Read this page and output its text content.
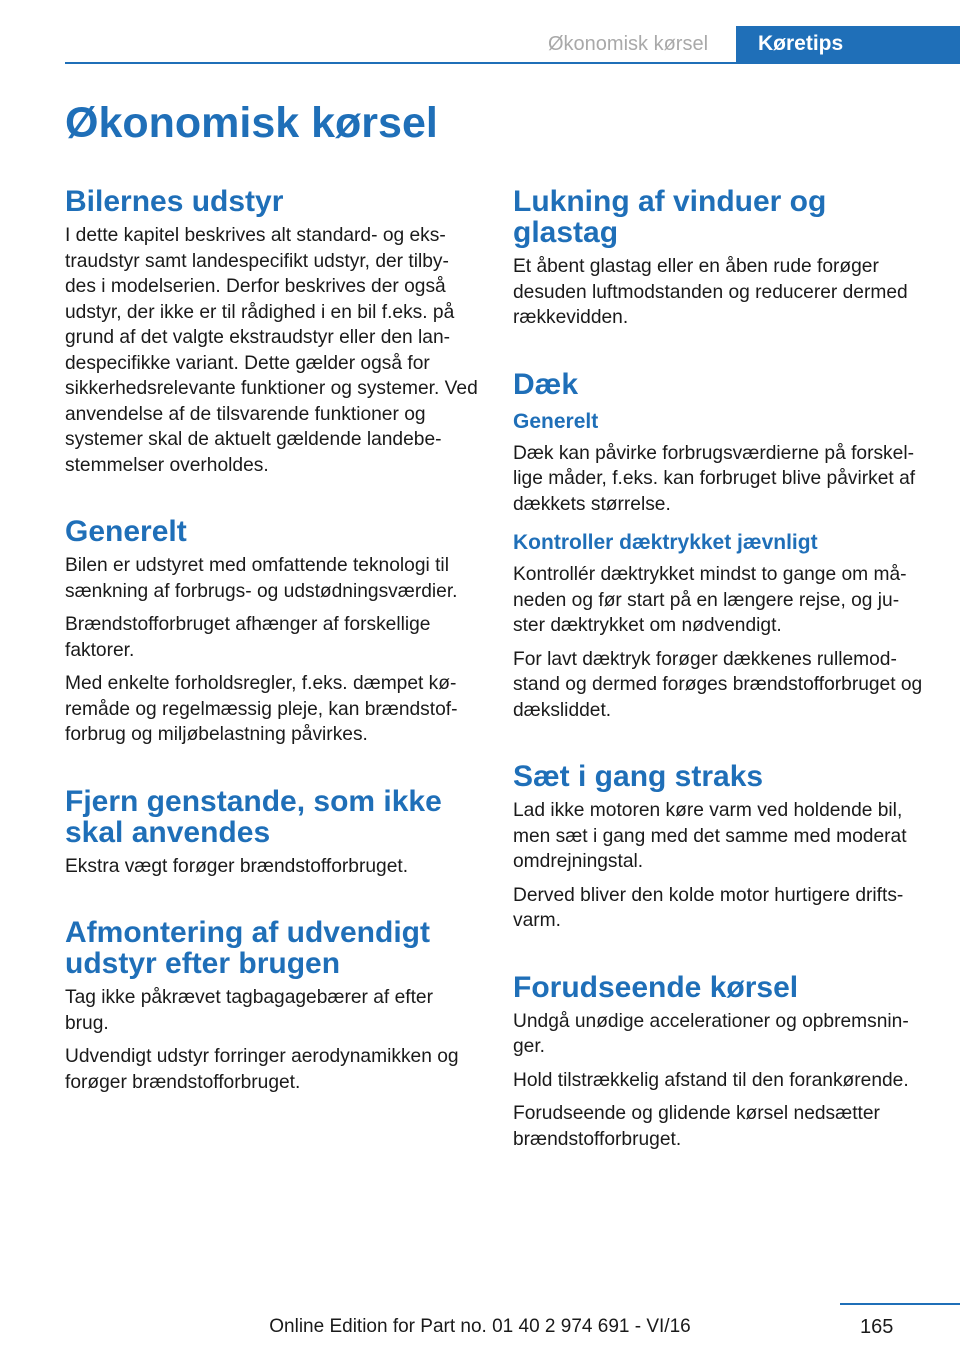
Økonomisk kørsel	Køretips
Økonomisk kørsel
Bilernes udstyr

I dette kapitel beskrives alt standard- og eks‐ traudstyr samt landespecifikt udstyr, der tilby‐ des i modelserien. Derfor beskrives der også udstyr, der ikke er til rådighed i en bil f.eks. på grund af det valgte ekstraudstyr eller den lan‐ despecifikke variant. Dette gælder også for sikkerhedsrelevante funktioner og systemer. Ved anvendelse af de tilsvarende funktioner og systemer skal de aktuelt gældende landebe‐ stemmelser overholdes.

Generelt

Bilen er udstyret med omfattende teknologi til sænkning af forbrugs- og udstødningsværdier.

Brændstofforbruget afhænger af forskellige faktorer.

Med enkelte forholdsregler, f.eks. dæmpet kø‐ remåde og regelmæssig pleje, kan brændstof‐ forbrug og miljøbelastning påvirkes.

Fjern genstande, som ikke skal anvendes

Ekstra vægt forøger brændstofforbruget.

Afmontering af udvendigt udstyr efter brugen

Tag ikke påkrævet tagbagagebærer af efter brug.

Udvendigt udstyr forringer aerodynamikken og forøger brændstofforbruget.

Lukning af vinduer og glastag

Et åbent glastag eller en åben rude forøger desuden luftmodstanden og reducerer dermed rækkevidden.

Dæk
Generelt

Dæk kan påvirke forbrugsværdierne på forskel‐ lige måder, f.eks. kan forbruget blive påvirket af dækkets størrelse.

Kontroller dæktrykket jævnligt

Kontrollér dæktrykket mindst to gange om må‐ neden og før start på en længere rejse, og ju‐ ster dæktrykket om nødvendigt.

For lavt dæktryk forøger dækkenes rullemod‐ stand og dermed forøges brændstofforbruget og dæksliddet.

Sæt i gang straks

Lad ikke motoren køre varm ved holdende bil, men sæt i gang med det samme med moderat omdrejningstal.

Derved bliver den kolde motor hurtigere drifts‐ varm.

Forudseende kørsel

Undgå unødige accelerationer og opbremsnin‐ ger.

Hold tilstrækkelig afstand til den forankørende.

Forudseende og glidende kørsel nedsætter brændstofforbruget.

Online Edition for Part no. 01 40 2 974 691 - VI/16	165
